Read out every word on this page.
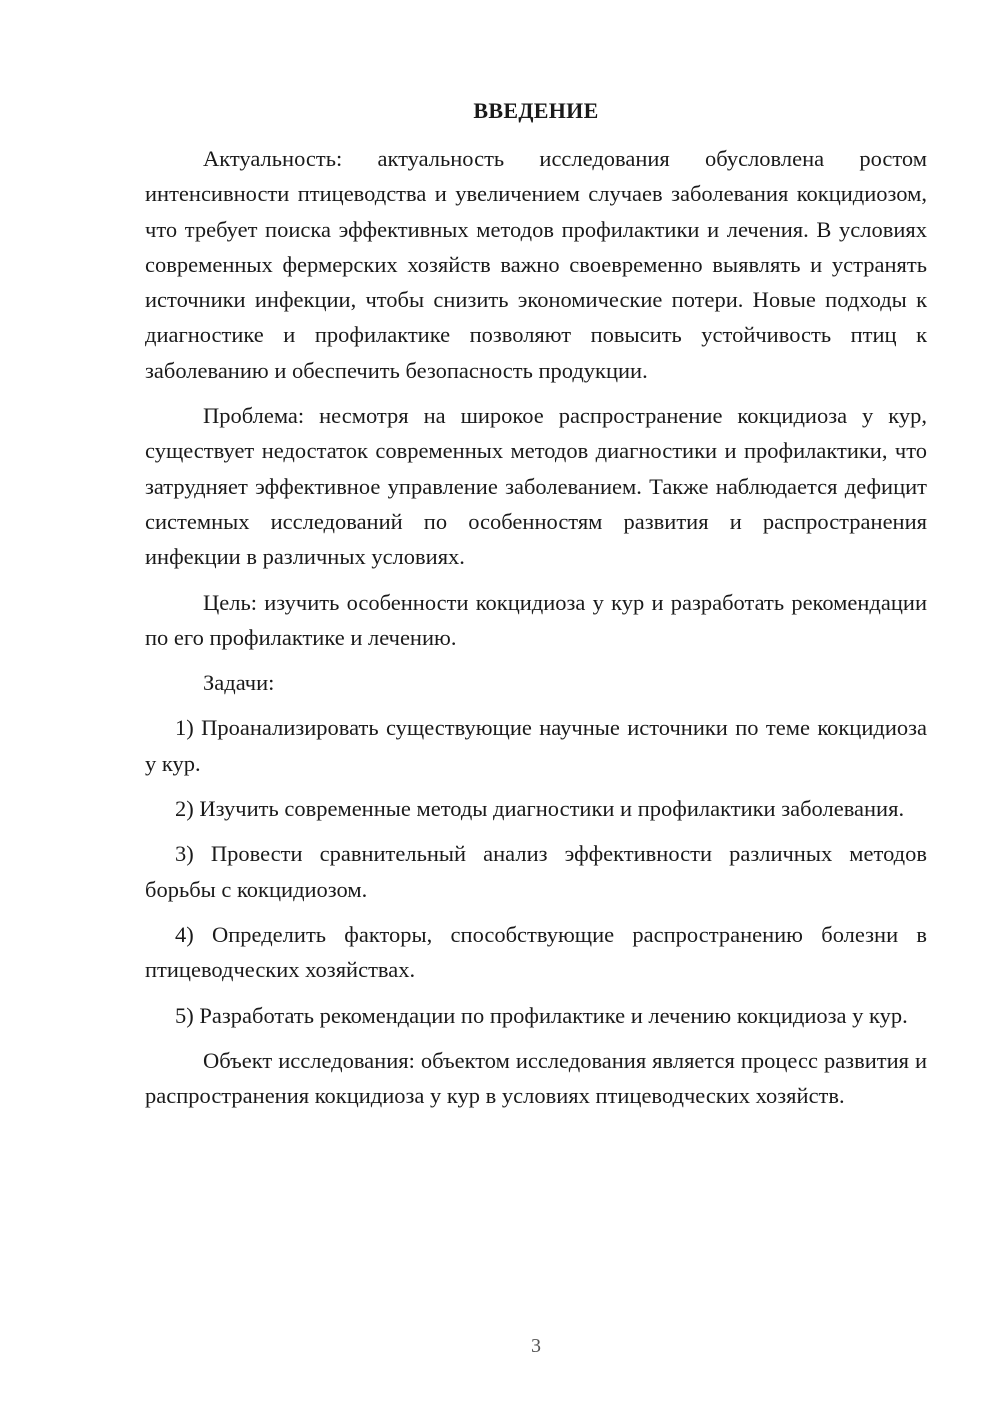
ВВЕДЕНИЕ

Актуальность: актуальность исследования обусловлена ростом интенсивности птицеводства и увеличением случаев заболевания кокцидиозом, что требует поиска эффективных методов профилактики и лечения. В условиях современных фермерских хозяйств важно своевременно выявлять и устранять источники инфекции, чтобы снизить экономические потери. Новые подходы к диагностике и профилактике позволяют повысить устойчивость птиц к заболеванию и обеспечить безопасность продукции.

Проблема: несмотря на широкое распространение кокцидиоза у кур, существует недостаток современных методов диагностики и профилактики, что затрудняет эффективное управление заболеванием. Также наблюдается дефицит системных исследований по особенностям развития и распространения инфекции в различных условиях.

Цель: изучить особенности кокцидиоза у кур и разработать рекомендации по его профилактике и лечению.

Задачи:

1) Проанализировать существующие научные источники по теме кокцидиоза у кур.

2) Изучить современные методы диагностики и профилактики заболевания.

3) Провести сравнительный анализ эффективности различных методов борьбы с кокцидиозом.

4) Определить факторы, способствующие распространению болезни в птицеводческих хозяйствах.

5) Разработать рекомендации по профилактике и лечению кокцидиоза у кур.

Объект исследования: объектом исследования является процесс развития и распространения кокцидиоза у кур в условиях птицеводческих хозяйств.

3
